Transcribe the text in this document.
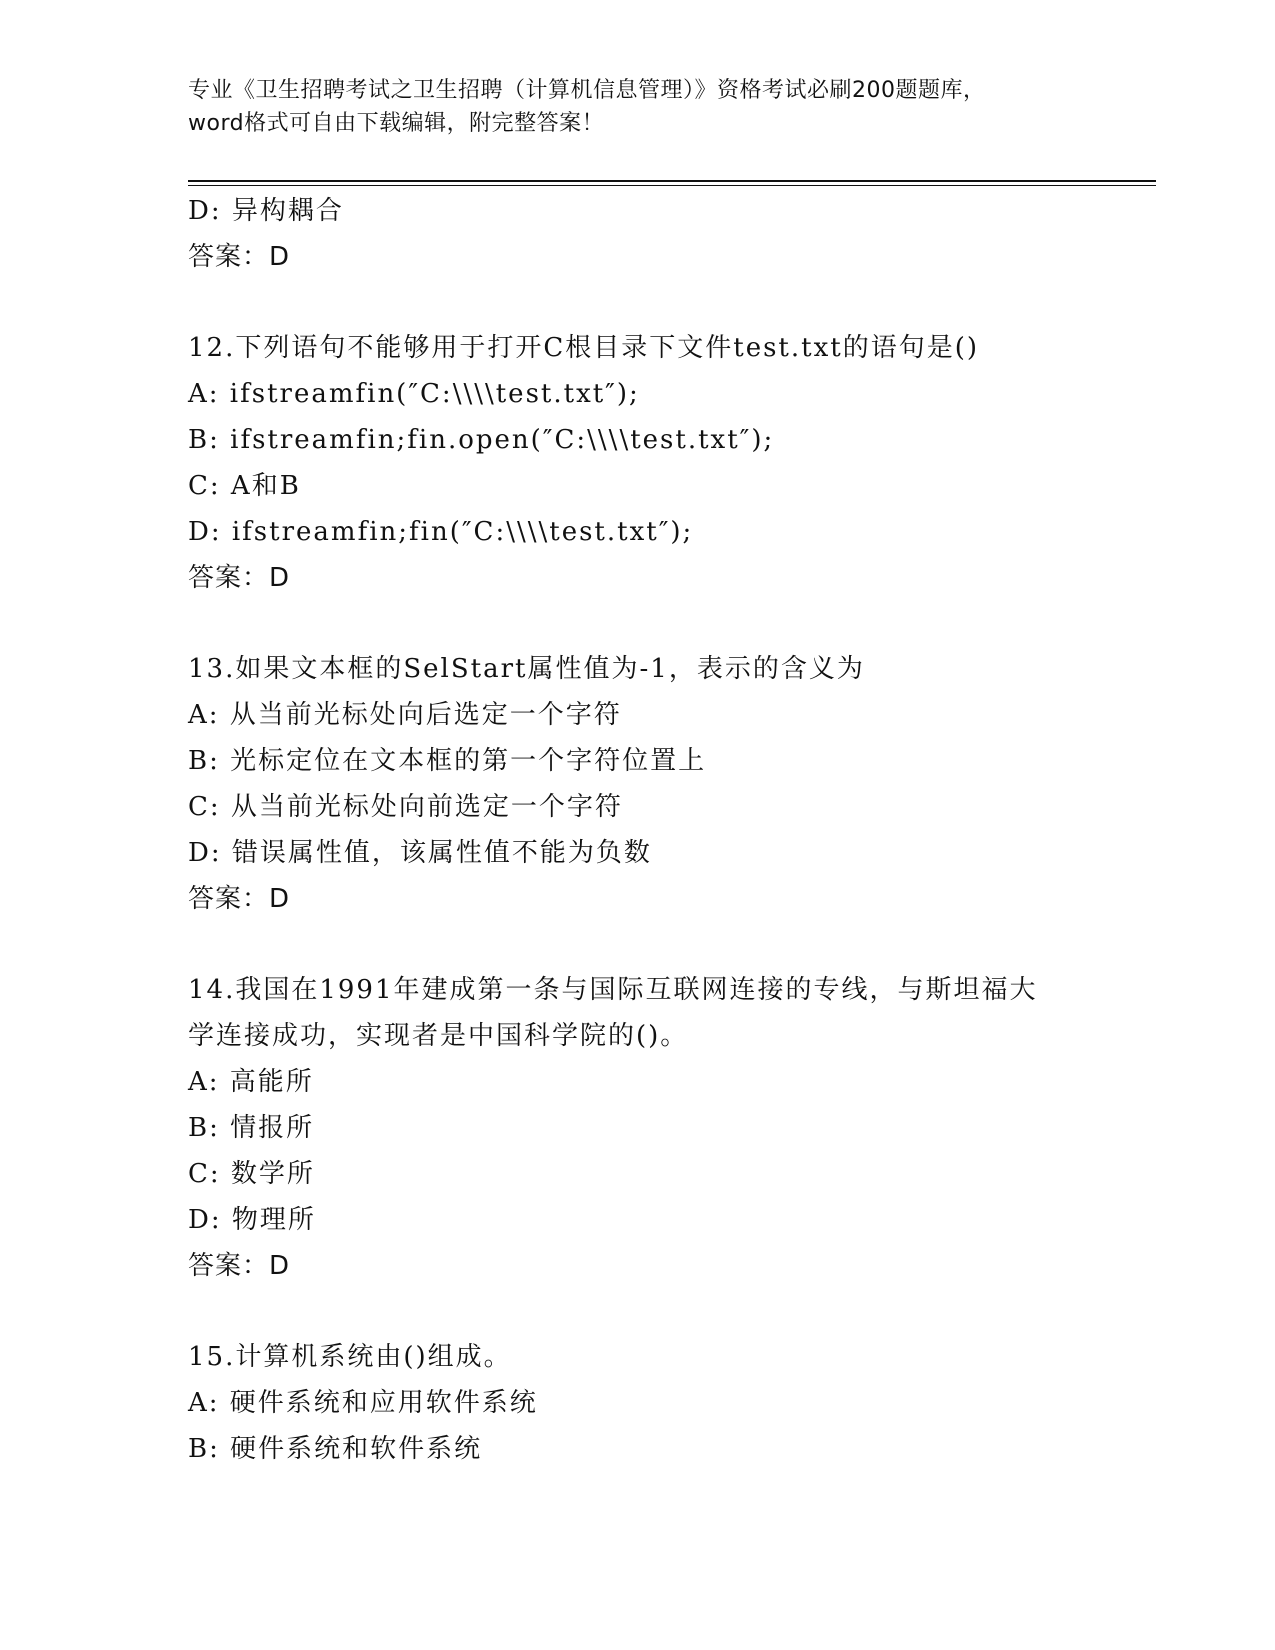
专业《卫生招聘考试之卫生招聘（计算机信息管理）》资格考试必刷200题题库，
word格式可自由下载编辑，附完整答案！
D: 异构耦合
答案：D
12.下列语句不能够用于打开C根目录下文件test.txt的语句是()
A: ifstreamfin(″C:\\\\test.txt″);
B: ifstreamfin;fin.open(″C:\\\\test.txt″);
C: A和B
D: ifstreamfin;fin(″C:\\\\test.txt″);
答案：D
13.如果文本框的SelStart属性值为-1，表示的含义为
A: 从当前光标处向后选定一个字符
B: 光标定位在文本框的第一个字符位置上
C: 从当前光标处向前选定一个字符
D: 错误属性值，该属性值不能为负数
答案：D
14.我国在1991年建成第一条与国际互联网连接的专线，与斯坦福大
学连接成功，实现者是中国科学院的()。
A: 高能所
B: 情报所
C: 数学所
D: 物理所
答案：D
15.计算机系统由()组成。
A: 硬件系统和应用软件系统
B: 硬件系统和软件系统
